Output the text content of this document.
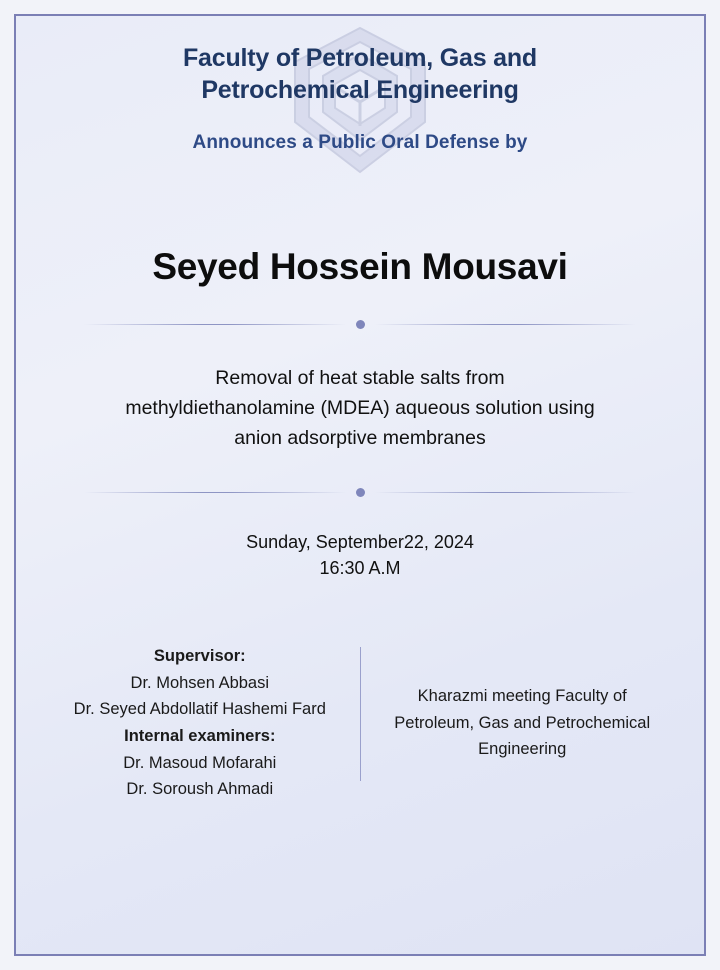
Faculty of Petroleum, Gas and
Petrochemical Engineering
Announces a Public Oral Defense by
Seyed Hossein Mousavi
Removal of heat stable salts from
methyldiethanolamine (MDEA) aqueous solution using
anion adsorptive membranes
Sunday, September22, 2024
16:30 A.M
Supervisor:
Dr. Mohsen Abbasi
Dr. Seyed Abdollatif Hashemi Fard
Internal examiners:
Dr. Masoud Mofarahi
Dr. Soroush Ahmadi
Kharazmi meeting Faculty of
Petroleum, Gas and Petrochemical
Engineering
